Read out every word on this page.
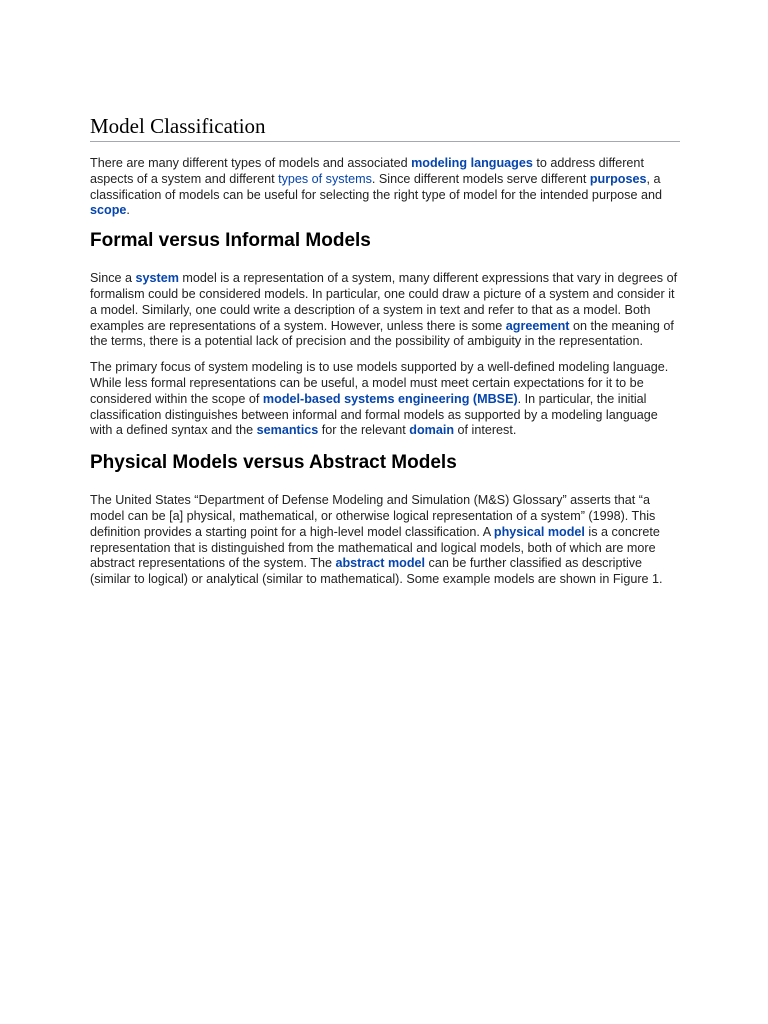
Model Classification

There are many different types of models and associated modeling languages to address different aspects of a system and different types of systems. Since different models serve different purposes, a classification of models can be useful for selecting the right type of model for the intended purpose and scope.

Formal versus Informal Models

Since a system model is a representation of a system, many different expressions that vary in degrees of formalism could be considered models. In particular, one could draw a picture of a system and consider it a model. Similarly, one could write a description of a system in text and refer to that as a model. Both examples are representations of a system. However, unless there is some agreement on the meaning of the terms, there is a potential lack of precision and the possibility of ambiguity in the representation.

The primary focus of system modeling is to use models supported by a well-defined modeling language. While less formal representations can be useful, a model must meet certain expectations for it to be considered within the scope of model-based systems engineering (MBSE). In particular, the initial classification distinguishes between informal and formal models as supported by a modeling language with a defined syntax and the semantics for the relevant domain of interest.

Physical Models versus Abstract Models

The United States “Department of Defense Modeling and Simulation (M&S) Glossary” asserts that “a model can be [a] physical, mathematical, or otherwise logical representation of a system” (1998). This definition provides a starting point for a high-level model classification. A physical model is a concrete representation that is distinguished from the mathematical and logical models, both of which are more abstract representations of the system. The abstract model can be further classified as descriptive (similar to logical) or analytical (similar to mathematical). Some example models are shown in Figure 1.
